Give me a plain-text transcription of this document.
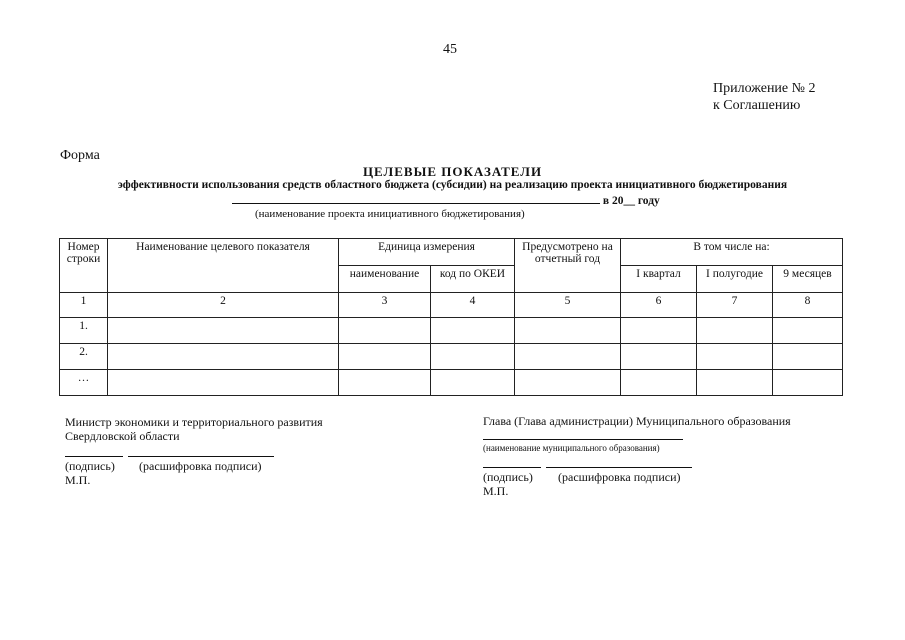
45
Приложение № 2
к Соглашению
Форма
ЦЕЛЕВЫЕ ПОКАЗАТЕЛИ
эффективности использования средств областного бюджета (субсидии) на реализацию проекта инициативного бюджетирования
в 20__ году
(наименование проекта инициативного бюджетирования)
Номер строки	Наименование целевого показателя	Единица измерения		Предусмотрено на отчетный год	В том числе на:		
		наименование	код по ОКЕИ		I квартал	I полугодие	9 месяцев
1	2	3	4	5	6	7	8
1.							
2.							
…							
Министр экономики и территориального развития
Свердловской области
(подпись) (расшифровка подписи)
М.П.
Глава (Глава администрации) Муниципального образования
(наименование муниципального образования)
(подпись) (расшифровка подписи)
М.П.
